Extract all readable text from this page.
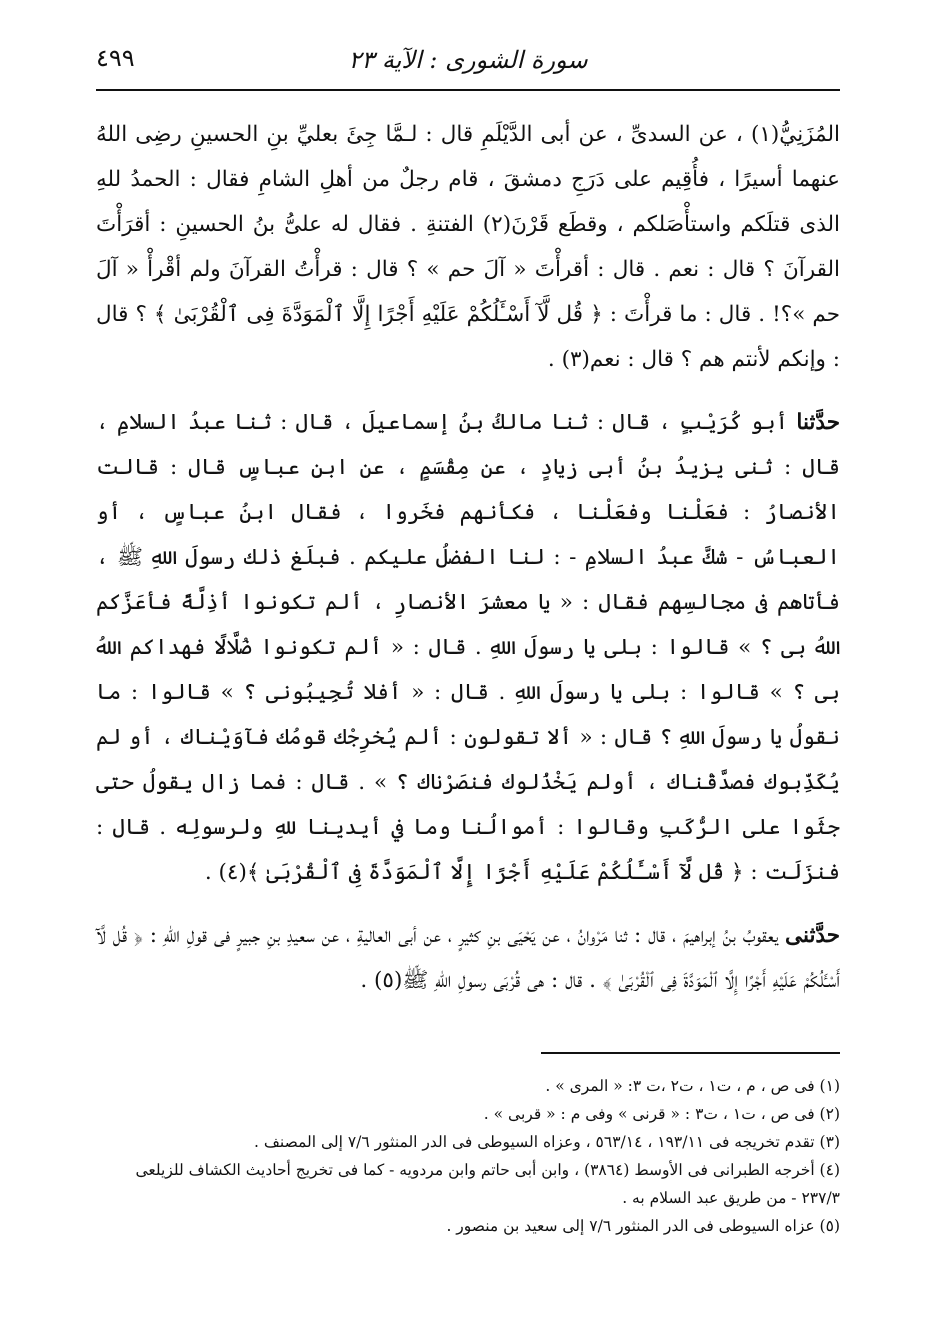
سورة الشورى : الآية ٢٣
٤٩٩

المُزَنِيُّ(١) ، عن السدىِّ ، عن أبى الدَّيْلَمِ قال : لـمَّا جِئَ بعليِّ بنِ الحسينِ رضِى اللهُ عنهما أسيرًا ، فأُقِيم على دَرَجِ دمشقَ ، قام رجلٌ من أهلِ الشامِ فقال : الحمدُ للهِ الذى قتلَكم واستأْصَلكم ، وقطَع قَرْنَ(٢) الفتنةِ . فقال له علىُّ بنُ الحسينِ : أقرَأْتَ القرآنَ ؟ قال : نعم . قال : أقرأْتَ « آلَ حم » ؟ قال : قرأْتُ القرآنَ ولم أقْرأْ « آلَ حم »؟! . قال : ما قرأْتَ : ﴿ قُل لَّآ أَسْـَٔلُكُمْ عَلَيْهِ أَجْرًا إِلَّا ٱلْمَوَدَّةَ فِى ٱلْقُرْبَىٰ ﴾ ؟ قال : وإنكم لأنتم هم ؟ قال : نعم(٣) .

حدَّثنا أبو كُرَيْبٍ ، قال : ثنا مالكُ بنُ إسماعيلَ ، قال : ثنا عبدُ السلامِ ، قال : ثنى يزيدُ بنُ أبى زيادٍ ، عن مِقْسَمٍ ، عن ابنِ عباسٍ قال : قالت الأنصارُ : فعَلْنا وفعَلْنا ، فكأنهم فخَروا ، فقال ابنُ عباسٍ ، أو العباسُ - شكَّ عبدُ السلامِ - : لنا الفضلُ عليكم . فبلَغ ذلك رسولَ اللهِ ﷺ ، فأتاهم فى مجالسِهم فقال : « يا معشرَ الأنصارِ ، ألم تكونوا أذِلَّةً فأعَزَّكم اللهُ بى ؟ » قالوا : بلى يا رسولَ اللهِ . قال : « ألم تكونوا ضُلَّالًا فهداكم اللهُ بى ؟ » قالوا : بلى يا رسولَ اللهِ . قال : « أفلا تُجِيبُونى ؟ » قالوا : ما نقولُ يا رسولَ اللهِ ؟ قال : « ألا تقولون : ألم يُخرِجْك قومُك فآوَيْناك ، أو لم يُكَذِّبوك فصدَّقْناك ، أولم يَخْذُلوك فنصَرْناك ؟ » . قال : فما زال يقولُ حتى جثَوا على الرُّكَبِ وقالوا : أموالُنا وما في أيدينا للهِ ولرسولِه . قال : فنزَلَت : ﴿ قُل لَّآ أَسْـَٔلُكُمْ عَلَيْهِ أَجْرًا إِلَّا ٱلْمَوَدَّةَ فِى ٱلْقُرْبَىٰ ﴾(٤) .

حدَّثنى يعقوبُ بنُ إبراهيمَ ، قال : ثنا مَرْوانُ ، عن يَحْيَى بنِ كثيرٍ ، عن أبى العاليةِ ، عن سعيدِ بنِ جبيرٍ فى قولِ اللهِ : ﴿ قُل لَّآ أَسْـَٔلُكُمْ عَلَيْهِ أَجْرًا إِلَّا ٱلْمَوَدَّةَ فِى ٱلْقُرْبَىٰ ﴾ . قال : هى قُرْبَى رسولِ اللهِ ﷺ(٥) .

(١) فى ص ، م ، ت١ ، ت٢ ،ت ٣: « المرى » .

(٢) فى ص ، ت١ ، ت٣ : « قرنى » وفى م : « قربى » .

(٣) تقدم تخريجه فى ١٩٣/١١ ، ٥٦٣/١٤ ، وعزاه السيوطى فى الدر المنثور ٧/٦ إلى المصنف .

(٤) أخرجه الطبرانى فى الأوسط (٣٨٦٤) ، وابن أبى حاتم وابن مردويه - كما فى تخريج أحاديث الكشاف للزيلعى ٢٣٧/٣ - من طريق عبد السلام به .

(٥) عزاه السيوطى فى الدر المنثور ٧/٦ إلى سعيد بن منصور .
